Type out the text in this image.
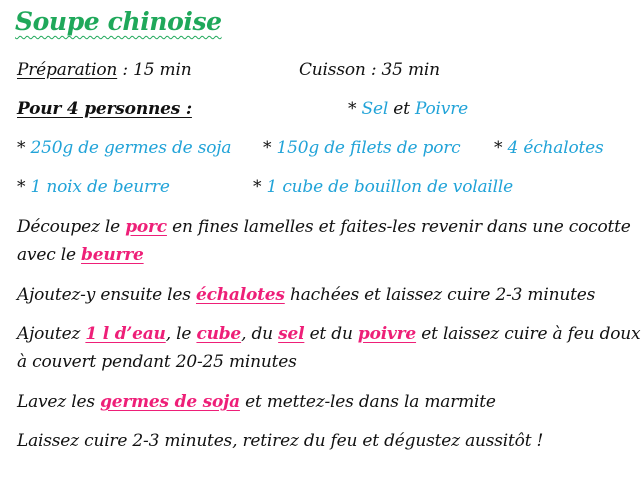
Soupe chinoise
Préparation : 15 min	Cuisson : 35 min
Pour 4 personnes :	* Sel et Poivre
* 250g de germes de soja * 150g de filets de porc * 4 échalotes
* 1 noix de beurre	* 1 cube de bouillon de volaille
Découpez le porc en fines lamelles et faites-les revenir dans une cocotte
avec le beurre
Ajoutez-y ensuite les échalotes hachées et laissez cuire 2-3 minutes
Ajoutez 1 l d’eau, le cube, du sel et du poivre et laissez cuire à feu doux
à couvert pendant 20-25 minutes
Lavez les germes de soja et mettez-les dans la marmite
Laissez cuire 2-3 minutes, retirez du feu et dégustez aussitôt !
